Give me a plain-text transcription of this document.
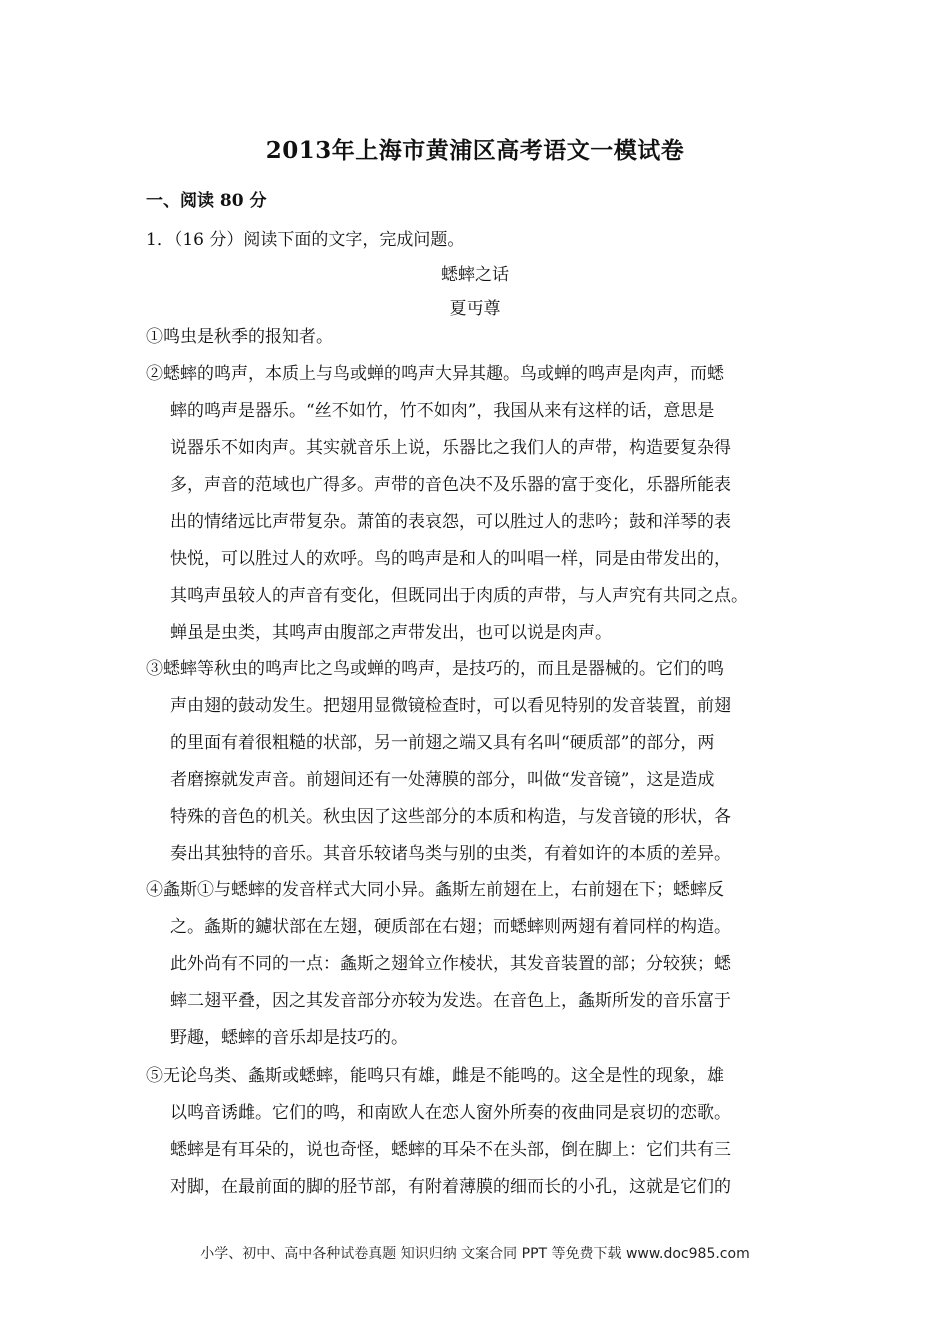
2013年上海市黄浦区高考语文一模试卷
一、阅读 80 分
1．（16 分）阅读下面的文字，完成问题。
蟋蟀之话
夏丏尊
①鸣虫是秋季的报知者。
②蟋蟀的鸣声，本质上与鸟或蝉的鸣声大异其趣。鸟或蝉的鸣声是肉声，而蟋
蟀的鸣声是器乐。“丝不如竹，竹不如肉”，我国从来有这样的话，意思是
说器乐不如肉声。其实就音乐上说，乐器比之我们人的声带，构造要复杂得
多，声音的范域也广得多。声带的音色决不及乐器的富于变化，乐器所能表
出的情绪远比声带复杂。萧笛的表哀怨，可以胜过人的悲吟；鼓和洋琴的表
快悦，可以胜过人的欢呼。鸟的鸣声是和人的叫唱一样，同是由带发出的，
其鸣声虽较人的声音有变化，但既同出于肉质的声带，与人声究有共同之点。
蝉虽是虫类，其鸣声由腹部之声带发出，也可以说是肉声。
③蟋蟀等秋虫的鸣声比之鸟或蝉的鸣声，是技巧的，而且是器械的。它们的鸣
声由翅的鼓动发生。把翅用显微镜检查时，可以看见特别的发音装置，前翅
的里面有着很粗糙的状部，另一前翅之端又具有名叫“硬质部”的部分，两
者磨擦就发声音。前翅间还有一处薄膜的部分，叫做“发音镜”，这是造成
特殊的音色的机关。秋虫因了这些部分的本质和构造，与发音镜的形状，各
奏出其独特的音乐。其音乐较诸鸟类与别的虫类，有着如许的本质的差异。
④螽斯①与蟋蟀的发音样式大同小异。螽斯左前翅在上，右前翅在下；蟋蟀反
之。螽斯的鑢状部在左翅，硬质部在右翅；而蟋蟀则两翅有着同样的构造。
此外尚有不同的一点：螽斯之翅耸立作棱状，其发音装置的部；分较狭；蟋
蟀二翅平叠，因之其发音部分亦较为发迭。在音色上，螽斯所发的音乐富于
野趣，蟋蟀的音乐却是技巧的。
⑤无论鸟类、螽斯或蟋蟀，能鸣只有雄，雌是不能鸣的。这全是性的现象，雄
以鸣音诱雌。它们的鸣，和南欧人在恋人窗外所奏的夜曲同是哀切的恋歌。
蟋蟀是有耳朵的，说也奇怪，蟋蟀的耳朵不在头部，倒在脚上：它们共有三
对脚，在最前面的脚的胫节部，有附着薄膜的细而长的小孔，这就是它们的
小学、初中、高中各种试卷真题 知识归纳 文案合同 PPT 等免费下载 www.doc985.com
